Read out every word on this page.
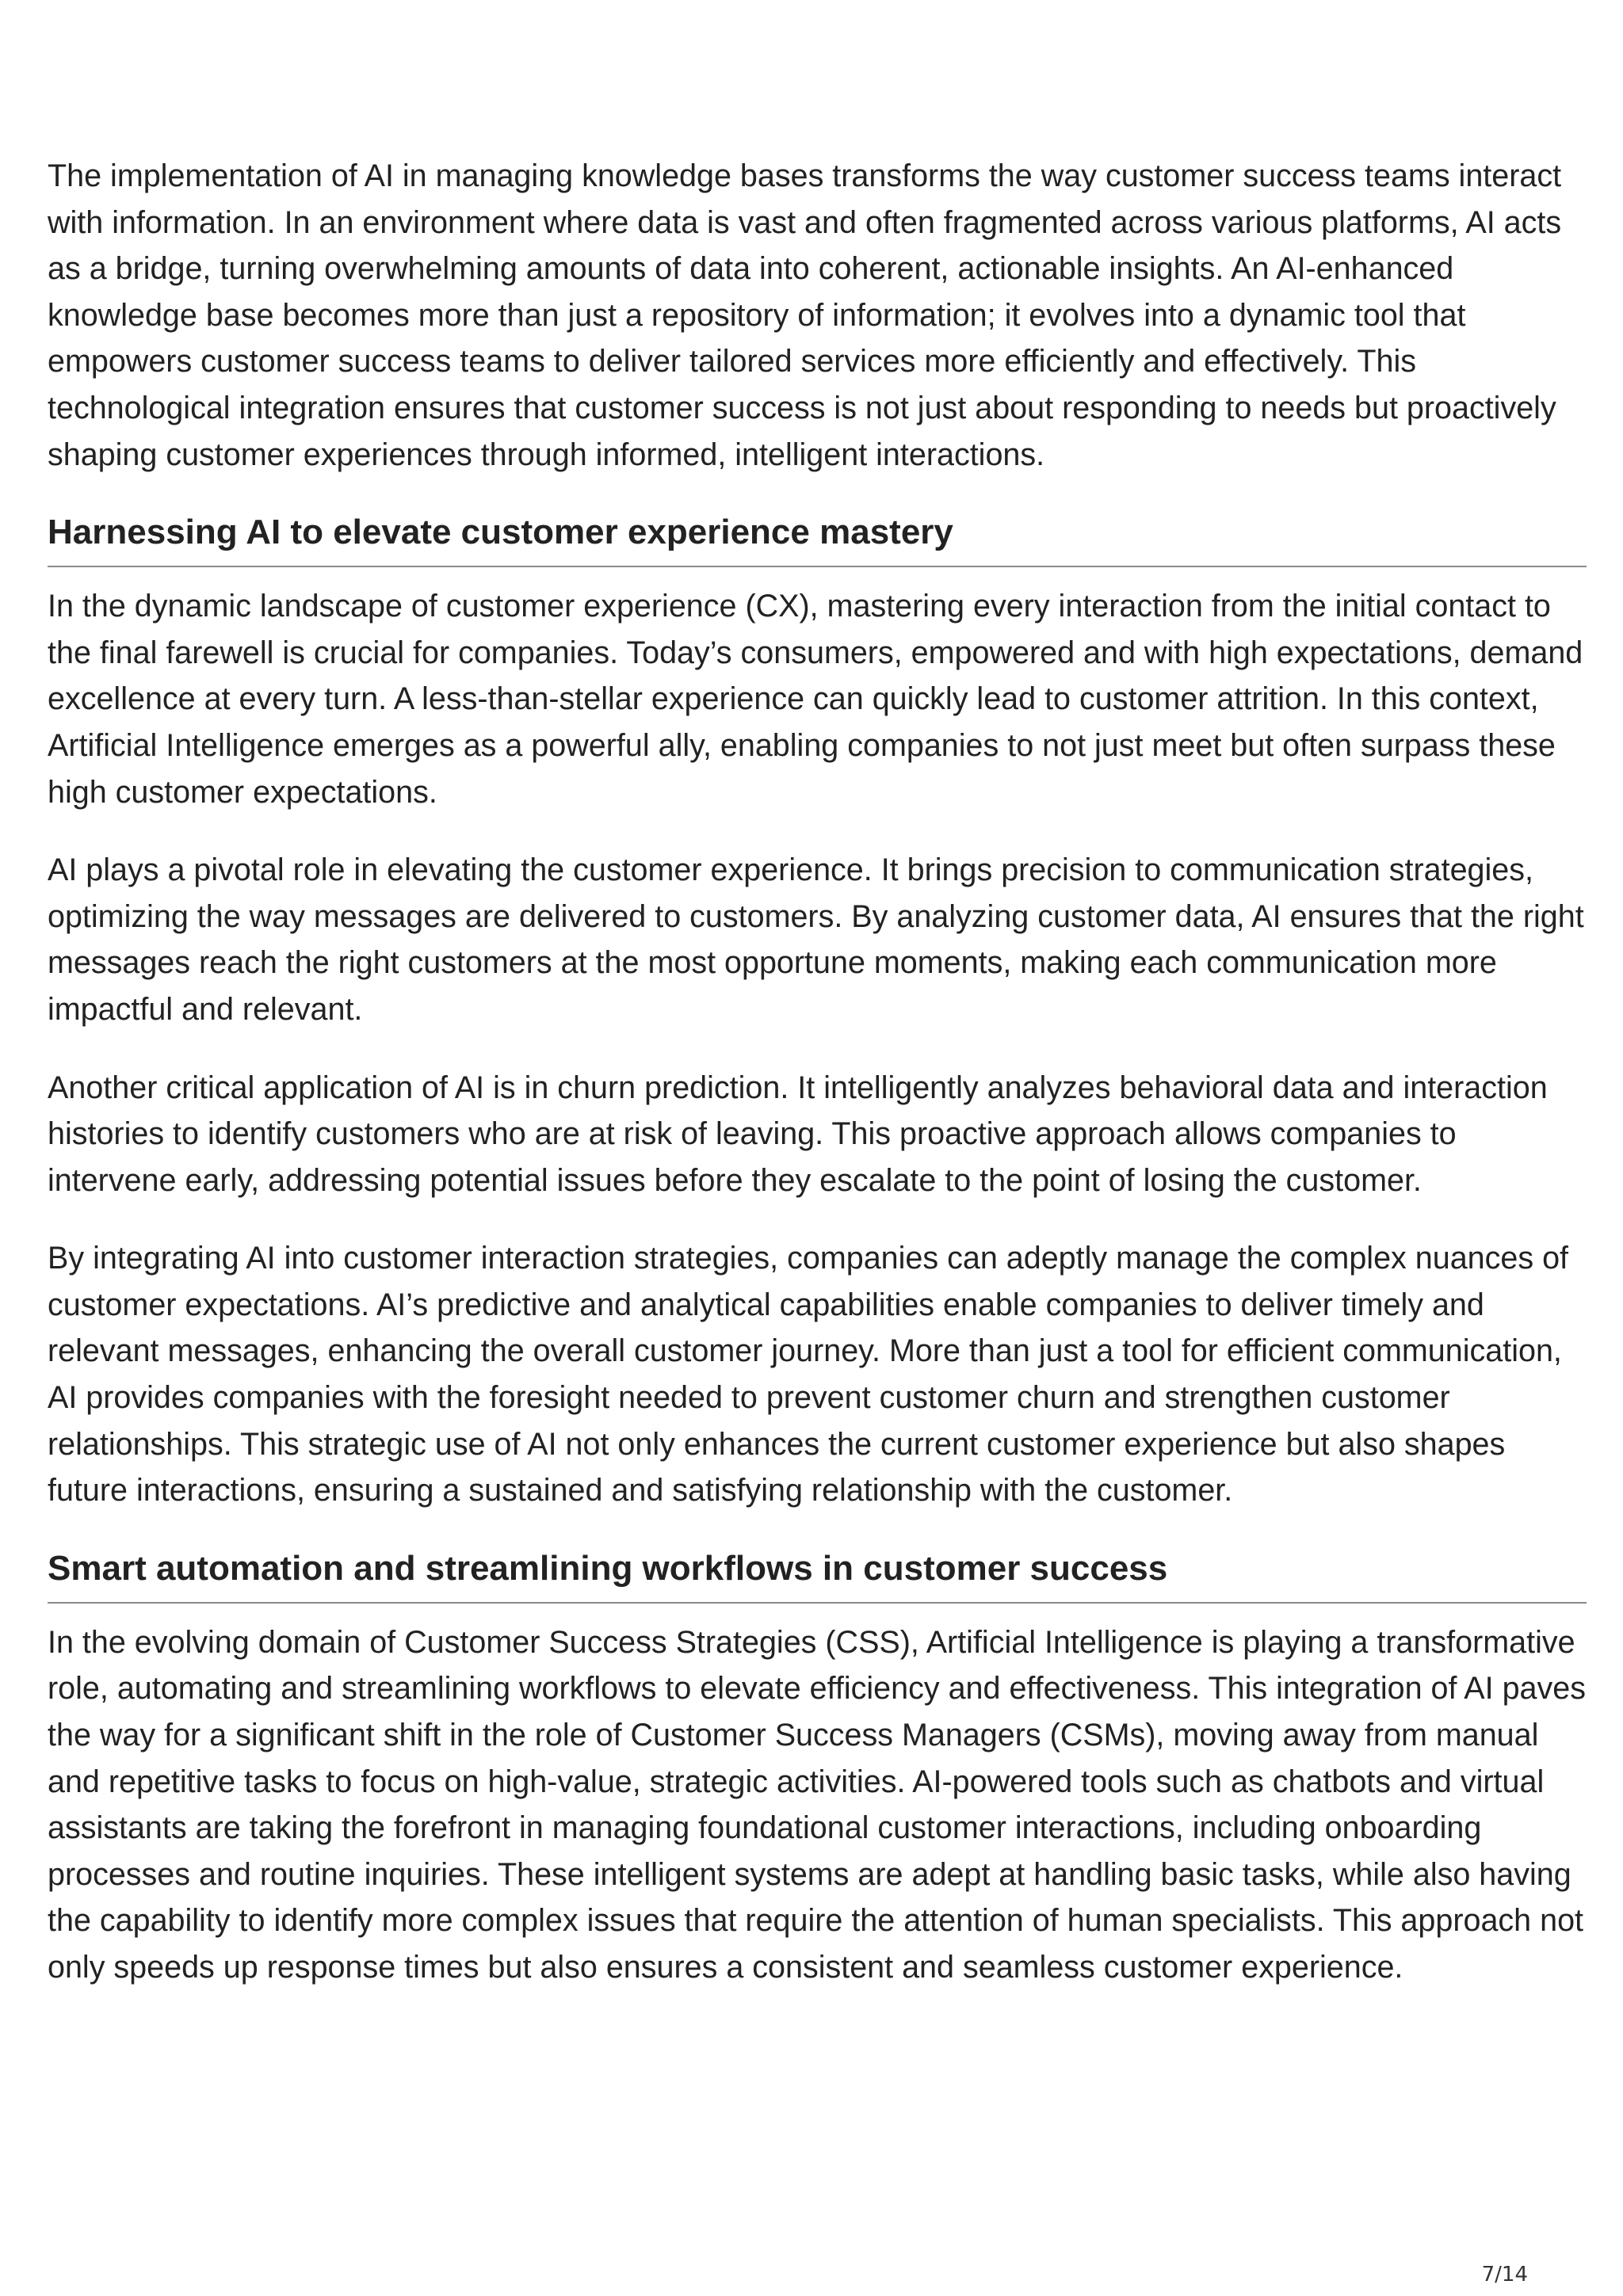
The implementation of AI in managing knowledge bases transforms the way customer success teams interact with information. In an environment where data is vast and often fragmented across various platforms, AI acts as a bridge, turning overwhelming amounts of data into coherent, actionable insights. An AI-enhanced knowledge base becomes more than just a repository of information; it evolves into a dynamic tool that empowers customer success teams to deliver tailored services more efficiently and effectively. This technological integration ensures that customer success is not just about responding to needs but proactively shaping customer experiences through informed, intelligent interactions.

Harnessing AI to elevate customer experience mastery

In the dynamic landscape of customer experience (CX), mastering every interaction from the initial contact to the final farewell is crucial for companies. Today’s consumers, empowered and with high expectations, demand excellence at every turn. A less-than-stellar experience can quickly lead to customer attrition. In this context, Artificial Intelligence emerges as a powerful ally, enabling companies to not just meet but often surpass these high customer expectations.

AI plays a pivotal role in elevating the customer experience. It brings precision to communication strategies, optimizing the way messages are delivered to customers. By analyzing customer data, AI ensures that the right messages reach the right customers at the most opportune moments, making each communication more impactful and relevant.

Another critical application of AI is in churn prediction. It intelligently analyzes behavioral data and interaction histories to identify customers who are at risk of leaving. This proactive approach allows companies to intervene early, addressing potential issues before they escalate to the point of losing the customer.

By integrating AI into customer interaction strategies, companies can adeptly manage the complex nuances of customer expectations. AI’s predictive and analytical capabilities enable companies to deliver timely and relevant messages, enhancing the overall customer journey. More than just a tool for efficient communication, AI provides companies with the foresight needed to prevent customer churn and strengthen customer relationships. This strategic use of AI not only enhances the current customer experience but also shapes future interactions, ensuring a sustained and satisfying relationship with the customer.

Smart automation and streamlining workflows in customer success

In the evolving domain of Customer Success Strategies (CSS), Artificial Intelligence is playing a transformative role, automating and streamlining workflows to elevate efficiency and effectiveness. This integration of AI paves the way for a significant shift in the role of Customer Success Managers (CSMs), moving away from manual and repetitive tasks to focus on high-value, strategic activities. AI-powered tools such as chatbots and virtual assistants are taking the forefront in managing foundational customer interactions, including onboarding processes and routine inquiries. These intelligent systems are adept at handling basic tasks, while also having the capability to identify more complex issues that require the attention of human specialists. This approach not only speeds up response times but also ensures a consistent and seamless customer experience.

7/14
